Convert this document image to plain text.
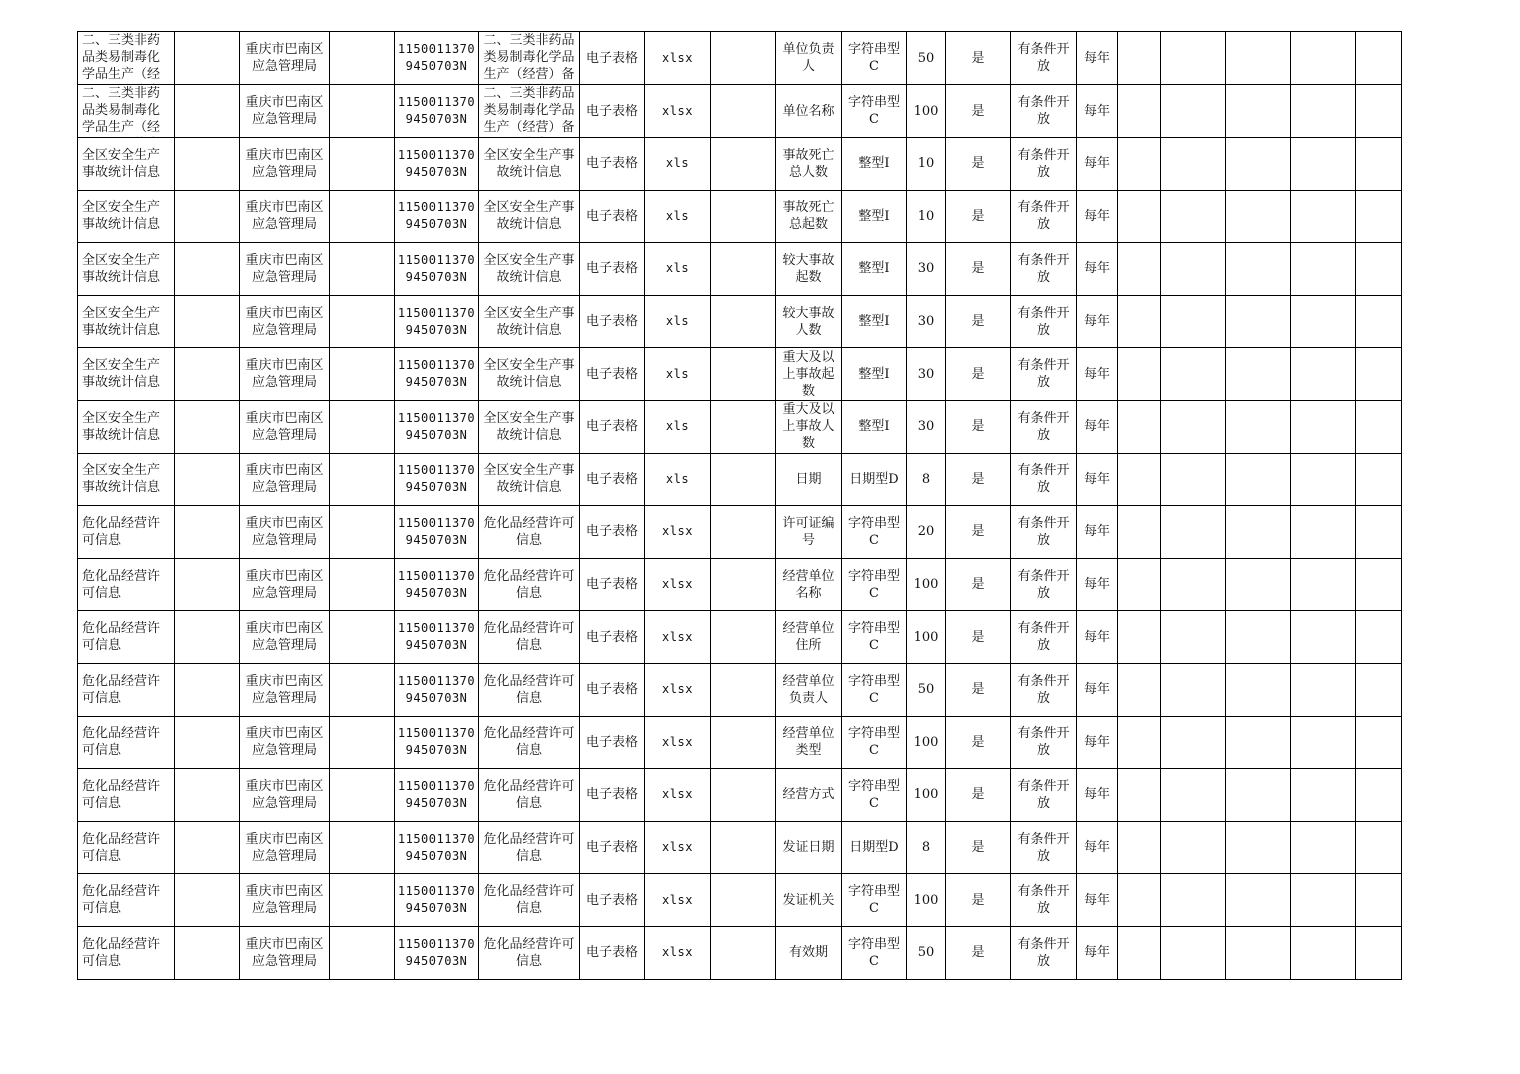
二、三类非药品类易制毒化学品生产（经		重庆市巴南区应急管理局		11500113709450703N	二、三类非药品类易制毒化学品生产（经营）备	电子表格	xlsx		单位负责人	字符串型C	50	是	有条件开放	每年					

二、三类非药品类易制毒化学品生产（经		重庆市巴南区应急管理局		11500113709450703N	二、三类非药品类易制毒化学品生产（经营）备	电子表格	xlsx		单位名称	字符串型C	100	是	有条件开放	每年					

全区安全生产事故统计信息		重庆市巴南区应急管理局		11500113709450703N	全区安全生产事故统计信息	电子表格	xls		事故死亡总人数	整型I	10	是	有条件开放	每年					

全区安全生产事故统计信息		重庆市巴南区应急管理局		11500113709450703N	全区安全生产事故统计信息	电子表格	xls		事故死亡总起数	整型I	10	是	有条件开放	每年					

全区安全生产事故统计信息		重庆市巴南区应急管理局		11500113709450703N	全区安全生产事故统计信息	电子表格	xls		较大事故起数	整型I	30	是	有条件开放	每年					

全区安全生产事故统计信息		重庆市巴南区应急管理局		11500113709450703N	全区安全生产事故统计信息	电子表格	xls		较大事故人数	整型I	30	是	有条件开放	每年					

全区安全生产事故统计信息		重庆市巴南区应急管理局		11500113709450703N	全区安全生产事故统计信息	电子表格	xls		重大及以上事故起数	整型I	30	是	有条件开放	每年					

全区安全生产事故统计信息		重庆市巴南区应急管理局		11500113709450703N	全区安全生产事故统计信息	电子表格	xls		重大及以上事故人数	整型I	30	是	有条件开放	每年					

全区安全生产事故统计信息		重庆市巴南区应急管理局		11500113709450703N	全区安全生产事故统计信息	电子表格	xls		日期	日期型D	8	是	有条件开放	每年					

危化品经营许可信息		重庆市巴南区应急管理局		11500113709450703N	危化品经营许可信息	电子表格	xlsx		许可证编号	字符串型C	20	是	有条件开放	每年					

危化品经营许可信息		重庆市巴南区应急管理局		11500113709450703N	危化品经营许可信息	电子表格	xlsx		经营单位名称	字符串型C	100	是	有条件开放	每年					

危化品经营许可信息		重庆市巴南区应急管理局		11500113709450703N	危化品经营许可信息	电子表格	xlsx		经营单位住所	字符串型C	100	是	有条件开放	每年					

危化品经营许可信息		重庆市巴南区应急管理局		11500113709450703N	危化品经营许可信息	电子表格	xlsx		经营单位负责人	字符串型C	50	是	有条件开放	每年					

危化品经营许可信息		重庆市巴南区应急管理局		11500113709450703N	危化品经营许可信息	电子表格	xlsx		经营单位类型	字符串型C	100	是	有条件开放	每年					

危化品经营许可信息		重庆市巴南区应急管理局		11500113709450703N	危化品经营许可信息	电子表格	xlsx		经营方式	字符串型C	100	是	有条件开放	每年					

危化品经营许可信息		重庆市巴南区应急管理局		11500113709450703N	危化品经营许可信息	电子表格	xlsx		发证日期	日期型D	8	是	有条件开放	每年					

危化品经营许可信息		重庆市巴南区应急管理局		11500113709450703N	危化品经营许可信息	电子表格	xlsx		发证机关	字符串型C	100	是	有条件开放	每年					

危化品经营许可信息		重庆市巴南区应急管理局		11500113709450703N	危化品经营许可信息	电子表格	xlsx		有效期	字符串型C	50	是	有条件开放	每年					
